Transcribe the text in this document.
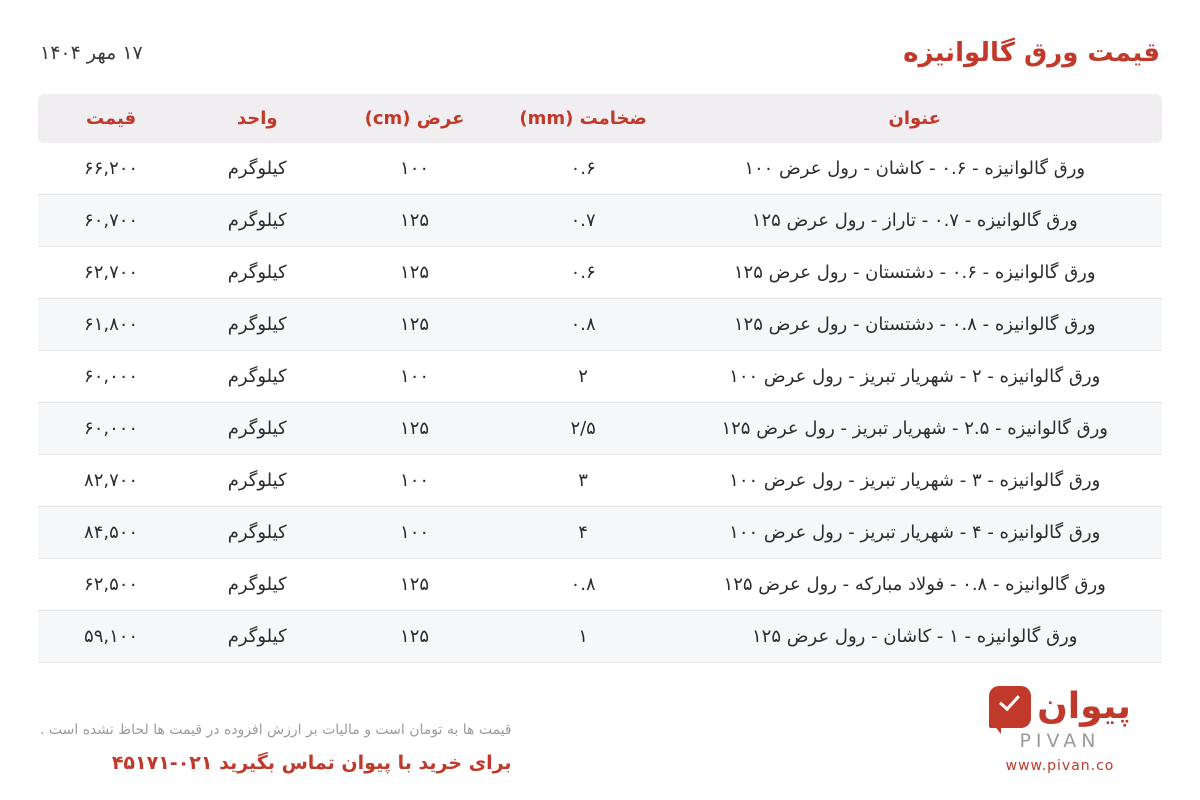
قیمت ورق گالوانیزه
۱۷ مهر ۱۴۰۴
عنوان	ضخامت (mm)	عرض (cm)	واحد	قیمت
ورق گالوانیزه - ۰.۶ - کاشان - رول عرض ۱۰۰	۰.۶	۱۰۰	کیلوگرم	۶۶,۲۰۰
ورق گالوانیزه - ۰.۷ - تاراز - رول عرض ۱۲۵	۰.۷	۱۲۵	کیلوگرم	۶۰,۷۰۰
ورق گالوانیزه - ۰.۶ - دشتستان - رول عرض ۱۲۵	۰.۶	۱۲۵	کیلوگرم	۶۲,۷۰۰
ورق گالوانیزه - ۰.۸ - دشتستان - رول عرض ۱۲۵	۰.۸	۱۲۵	کیلوگرم	۶۱,۸۰۰
ورق گالوانیزه - ۲ - شهریار تبریز - رول عرض ۱۰۰	۲	۱۰۰	کیلوگرم	۶۰,۰۰۰
ورق گالوانیزه - ۲.۵ - شهریار تبریز - رول عرض ۱۲۵	۲/۵	۱۲۵	کیلوگرم	۶۰,۰۰۰
ورق گالوانیزه - ۳ - شهریار تبریز - رول عرض ۱۰۰	۳	۱۰۰	کیلوگرم	۸۲,۷۰۰
ورق گالوانیزه - ۴ - شهریار تبریز - رول عرض ۱۰۰	۴	۱۰۰	کیلوگرم	۸۴,۵۰۰
ورق گالوانیزه - ۰.۸ - فولاد مبارکه - رول عرض ۱۲۵	۰.۸	۱۲۵	کیلوگرم	۶۲,۵۰۰
ورق گالوانیزه - ۱ - کاشان - رول عرض ۱۲۵	۱	۱۲۵	کیلوگرم	۵۹,۱۰۰
پیوان
PIVAN
www.pivan.co
قیمت ها به تومان است و مالیات بر ارزش افزوده در قیمت ها لحاظ نشده است .
برای خرید با پیوان تماس بگیرید ۰۲۱-۴۵۱۷۱
